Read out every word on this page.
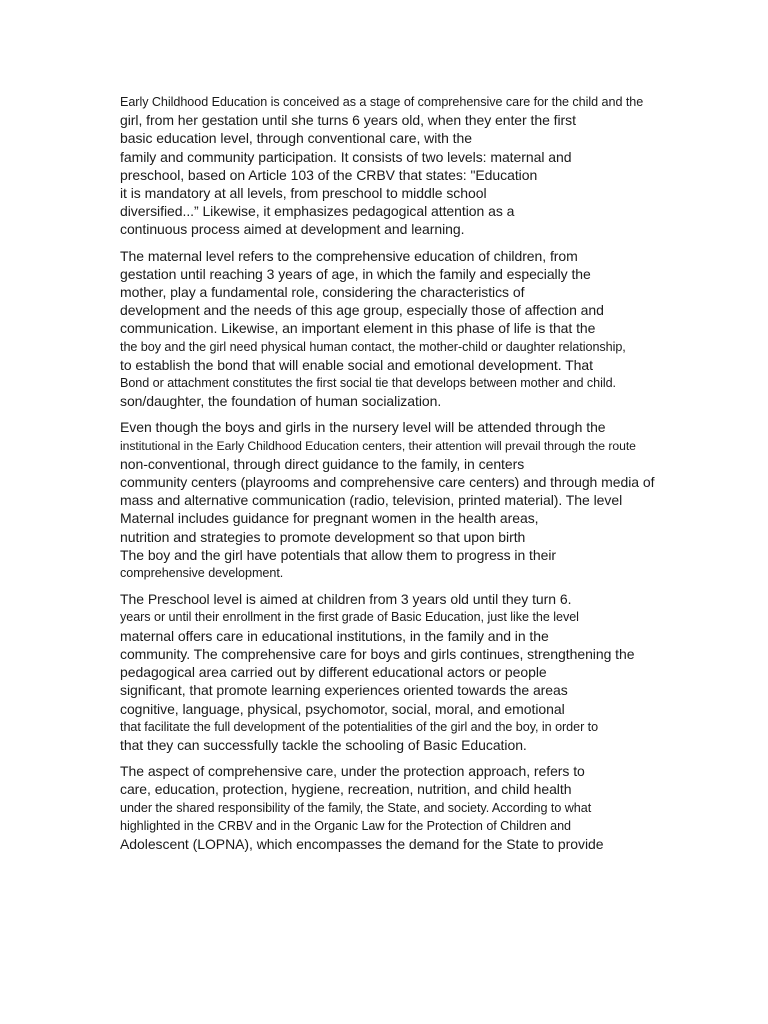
Early Childhood Education is conceived as a stage of comprehensive care for the child and the
girl, from her gestation until she turns 6 years old, when they enter the first
basic education level, through conventional care, with the
family and community participation. It consists of two levels: maternal and
preschool, based on Article 103 of the CRBV that states: "Education
it is mandatory at all levels, from preschool to middle school
diversified...” Likewise, it emphasizes pedagogical attention as a
continuous process aimed at development and learning.

The maternal level refers to the comprehensive education of children, from
gestation until reaching 3 years of age, in which the family and especially the
mother, play a fundamental role, considering the characteristics of
development and the needs of this age group, especially those of affection and
communication. Likewise, an important element in this phase of life is that the
the boy and the girl need physical human contact, the mother-child or daughter relationship,
to establish the bond that will enable social and emotional development. That
Bond or attachment constitutes the first social tie that develops between mother and child.
son/daughter, the foundation of human socialization.

Even though the boys and girls in the nursery level will be attended through the
institutional in the Early Childhood Education centers, their attention will prevail through the route
non-conventional, through direct guidance to the family, in centers
community centers (playrooms and comprehensive care centers) and through media of
mass and alternative communication (radio, television, printed material). The level
Maternal includes guidance for pregnant women in the health areas,
nutrition and strategies to promote development so that upon birth
The boy and the girl have potentials that allow them to progress in their
comprehensive development.

The Preschool level is aimed at children from 3 years old until they turn 6.
years or until their enrollment in the first grade of Basic Education, just like the level
maternal offers care in educational institutions, in the family and in the
community. The comprehensive care for boys and girls continues, strengthening the
pedagogical area carried out by different educational actors or people
significant, that promote learning experiences oriented towards the areas
cognitive, language, physical, psychomotor, social, moral, and emotional
that facilitate the full development of the potentialities of the girl and the boy, in order to
that they can successfully tackle the schooling of Basic Education.

The aspect of comprehensive care, under the protection approach, refers to
care, education, protection, hygiene, recreation, nutrition, and child health
under the shared responsibility of the family, the State, and society. According to what
highlighted in the CRBV and in the Organic Law for the Protection of Children and
Adolescent (LOPNA), which encompasses the demand for the State to provide
